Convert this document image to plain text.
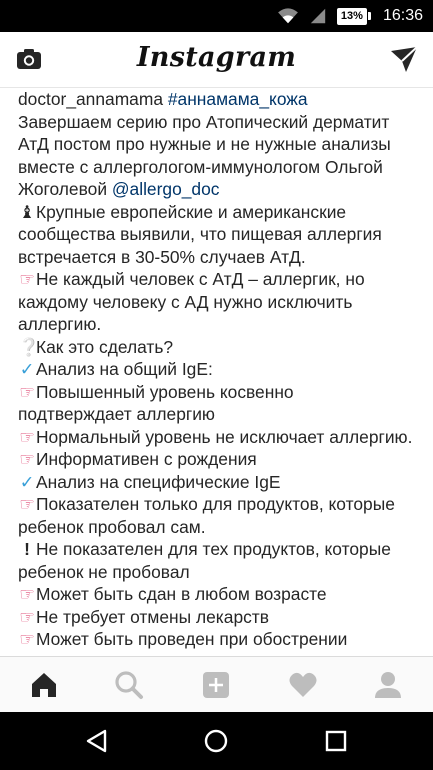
13% 16:36
Instagram

doctor_annamama #аннамама_кожа

Завершаем серию про Атопический дерматит

АтД постом про нужные и не нужные анализы

вместе с аллергологом-иммунологом Ольгой

Жоголевой @allergo_doc

♝Крупные европейские и американские

сообщества выявили, что пищевая аллергия

встречается в 30-50% случаев АтД.

☞Не каждый человек с АтД – аллергик, но

каждому человеку с АД нужно исключить

аллергию.

❔Как это сделать?

✓Анализ на общий IgE:

☞Повышенный уровень косвенно

подтверждает аллергию

☞Нормальный уровень не исключает аллергию.

☞Информативен с рождения

✓Анализ на специфические IgE

☞Показателен только для продуктов, которые

ребенок пробовал сам.

! Не показателен для тех продуктов, которые

ребенок не пробовал

☞Может быть сдан в любом возрасте

☞Не требует отмены лекарств

☞Может быть проведен при обострении
